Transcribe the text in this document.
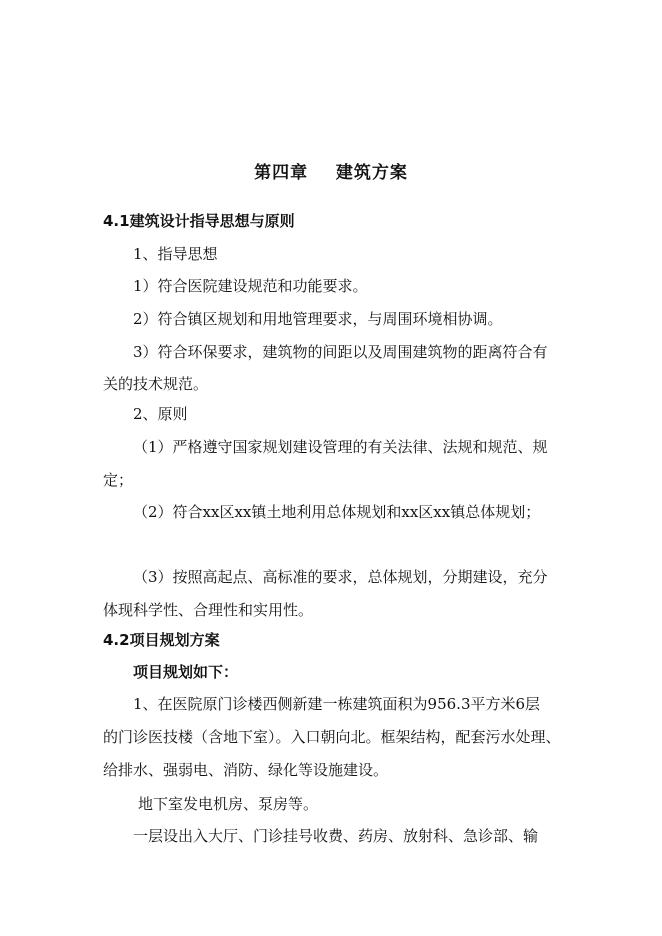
第四章    建筑方案
4.1建筑设计指导思想与原则
1、指导思想
1）符合医院建设规范和功能要求。
2）符合镇区规划和用地管理要求，与周围环境相协调。
3）符合环保要求，建筑物的间距以及周围建筑物的距离符合有
关的技术规范。
2、原则
（1）严格遵守国家规划建设管理的有关法律、法规和规范、规
定；
（2）符合xx区xx镇土地利用总体规划和xx区xx镇总体规划；
（3）按照高起点、高标准的要求，总体规划，分期建设，充分
体现科学性、合理性和实用性。
4.2项目规划方案
项目规划如下：
1、在医院原门诊楼西侧新建一栋建筑面积为956.3平方米6层
的门诊医技楼（含地下室）。入口朝向北。框架结构，配套污水处理、
给排水、强弱电、消防、绿化等设施建设。
地下室发电机房、泵房等。
一层设出入大厅、门诊挂号收费、药房、放射科、急诊部、输
